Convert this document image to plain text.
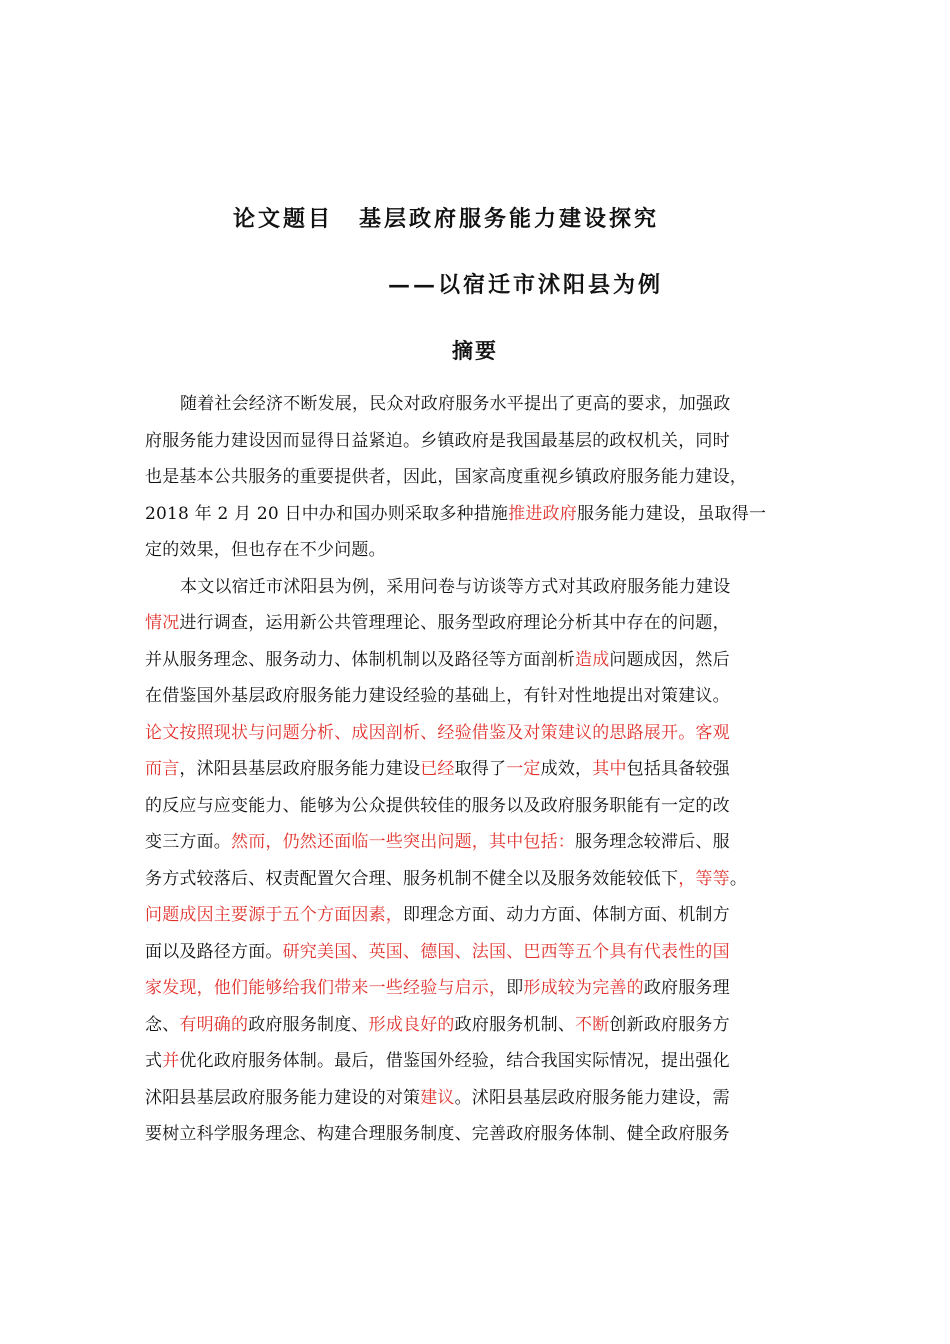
论文题目 基层政府服务能力建设探究
——以宿迁市沭阳县为例
摘要
随着社会经济不断发展，民众对政府服务水平提出了更高的要求，加强政
府服务能力建设因而显得日益紧迫。乡镇政府是我国最基层的政权机关，同时
也是基本公共服务的重要提供者，因此，国家高度重视乡镇政府服务能力建设，
2018 年 2 月 20 日中办和国办则采取多种措施推进政府服务能力建设，虽取得一
定的效果，但也存在不少问题。
本文以宿迁市沭阳县为例，采用问卷与访谈等方式对其政府服务能力建设
情况进行调查，运用新公共管理理论、服务型政府理论分析其中存在的问题，
并从服务理念、服务动力、体制机制以及路径等方面剖析造成问题成因，然后
在借鉴国外基层政府服务能力建设经验的基础上，有针对性地提出对策建议。
论文按照现状与问题分析、成因剖析、经验借鉴及对策建议的思路展开。客观
而言，沭阳县基层政府服务能力建设已经取得了一定成效，其中包括具备较强
的反应与应变能力、能够为公众提供较佳的服务以及政府服务职能有一定的改
变三方面。然而，仍然还面临一些突出问题，其中包括：服务理念较滞后、服
务方式较落后、权责配置欠合理、服务机制不健全以及服务效能较低下，等等。
问题成因主要源于五个方面因素，即理念方面、动力方面、体制方面、机制方
面以及路径方面。研究美国、英国、德国、法国、巴西等五个具有代表性的国
家发现，他们能够给我们带来一些经验与启示，即形成较为完善的政府服务理
念、有明确的政府服务制度、形成良好的政府服务机制、不断创新政府服务方
式并优化政府服务体制。最后，借鉴国外经验，结合我国实际情况，提出强化
沭阳县基层政府服务能力建设的对策建议。沭阳县基层政府服务能力建设，需
要树立科学服务理念、构建合理服务制度、完善政府服务体制、健全政府服务
